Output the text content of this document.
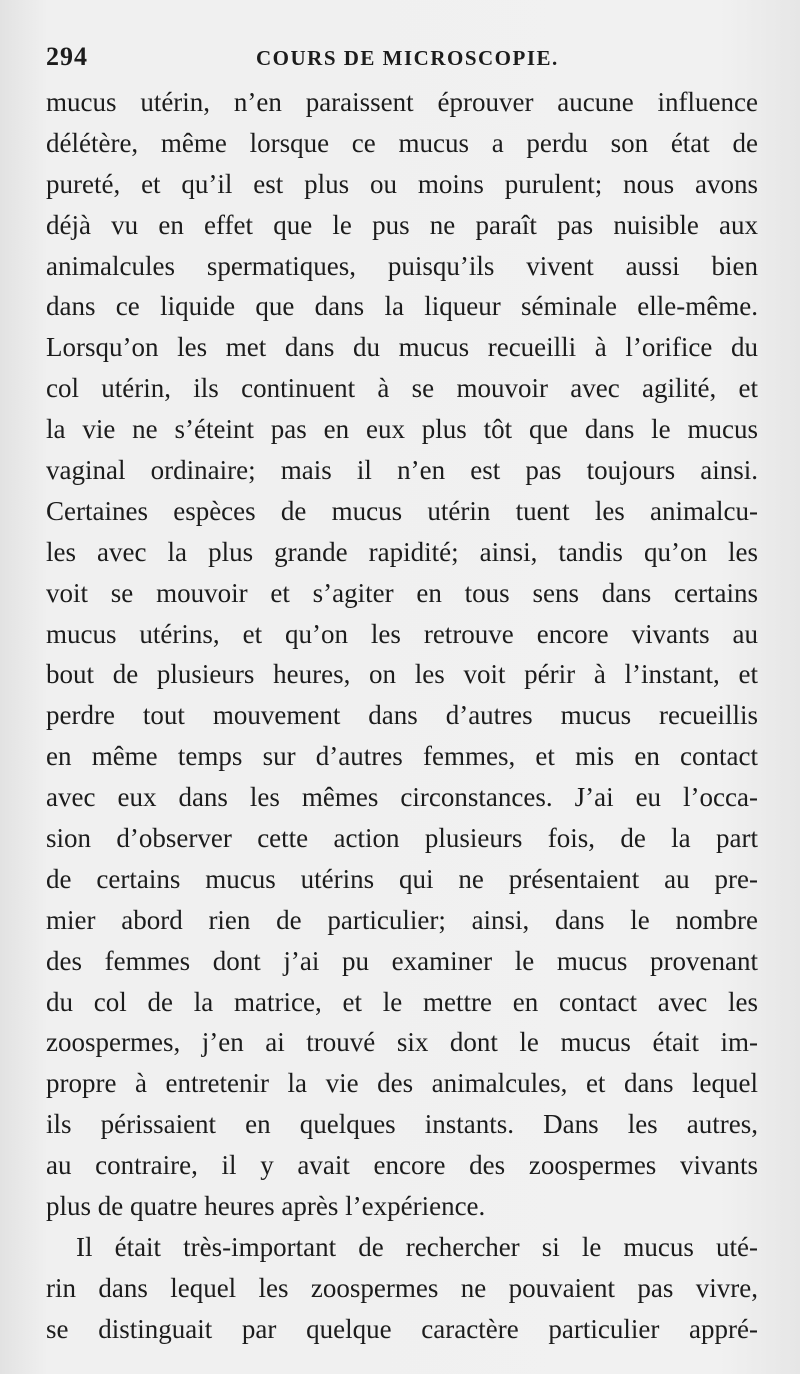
294	COURS DE MICROSCOPIE.
mucus utérin, n’en paraissent éprouver aucune influence
délétère, même lorsque ce mucus a perdu son état de
pureté, et qu’il est plus ou moins purulent; nous avons
déjà vu en effet que le pus ne paraît pas nuisible aux
animalcules spermatiques, puisqu’ils vivent aussi bien
dans ce liquide que dans la liqueur séminale elle-même.
Lorsqu’on les met dans du mucus recueilli à l’orifice du
col utérin, ils continuent à se mouvoir avec agilité, et
la vie ne s’éteint pas en eux plus tôt que dans le mucus
vaginal ordinaire; mais il n’en est pas toujours ainsi.
Certaines espèces de mucus utérin tuent les animalcu-
les avec la plus grande rapidité; ainsi, tandis qu’on les
voit se mouvoir et s’agiter en tous sens dans certains
mucus utérins, et qu’on les retrouve encore vivants au
bout de plusieurs heures, on les voit périr à l’instant, et
perdre tout mouvement dans d’autres mucus recueillis
en même temps sur d’autres femmes, et mis en contact
avec eux dans les mêmes circonstances. J’ai eu l’occa-
sion d’observer cette action plusieurs fois, de la part
de certains mucus utérins qui ne présentaient au pre-
mier abord rien de particulier; ainsi, dans le nombre
des femmes dont j’ai pu examiner le mucus provenant
du col de la matrice, et le mettre en contact avec les
zoospermes, j’en ai trouvé six dont le mucus était im-
propre à entretenir la vie des animalcules, et dans lequel
ils périssaient en quelques instants. Dans les autres,
au contraire, il y avait encore des zoospermes vivants
plus de quatre heures après l’expérience.
Il était très-important de rechercher si le mucus uté-
rin dans lequel les zoospermes ne pouvaient pas vivre,
se distinguait par quelque caractère particulier appré-
